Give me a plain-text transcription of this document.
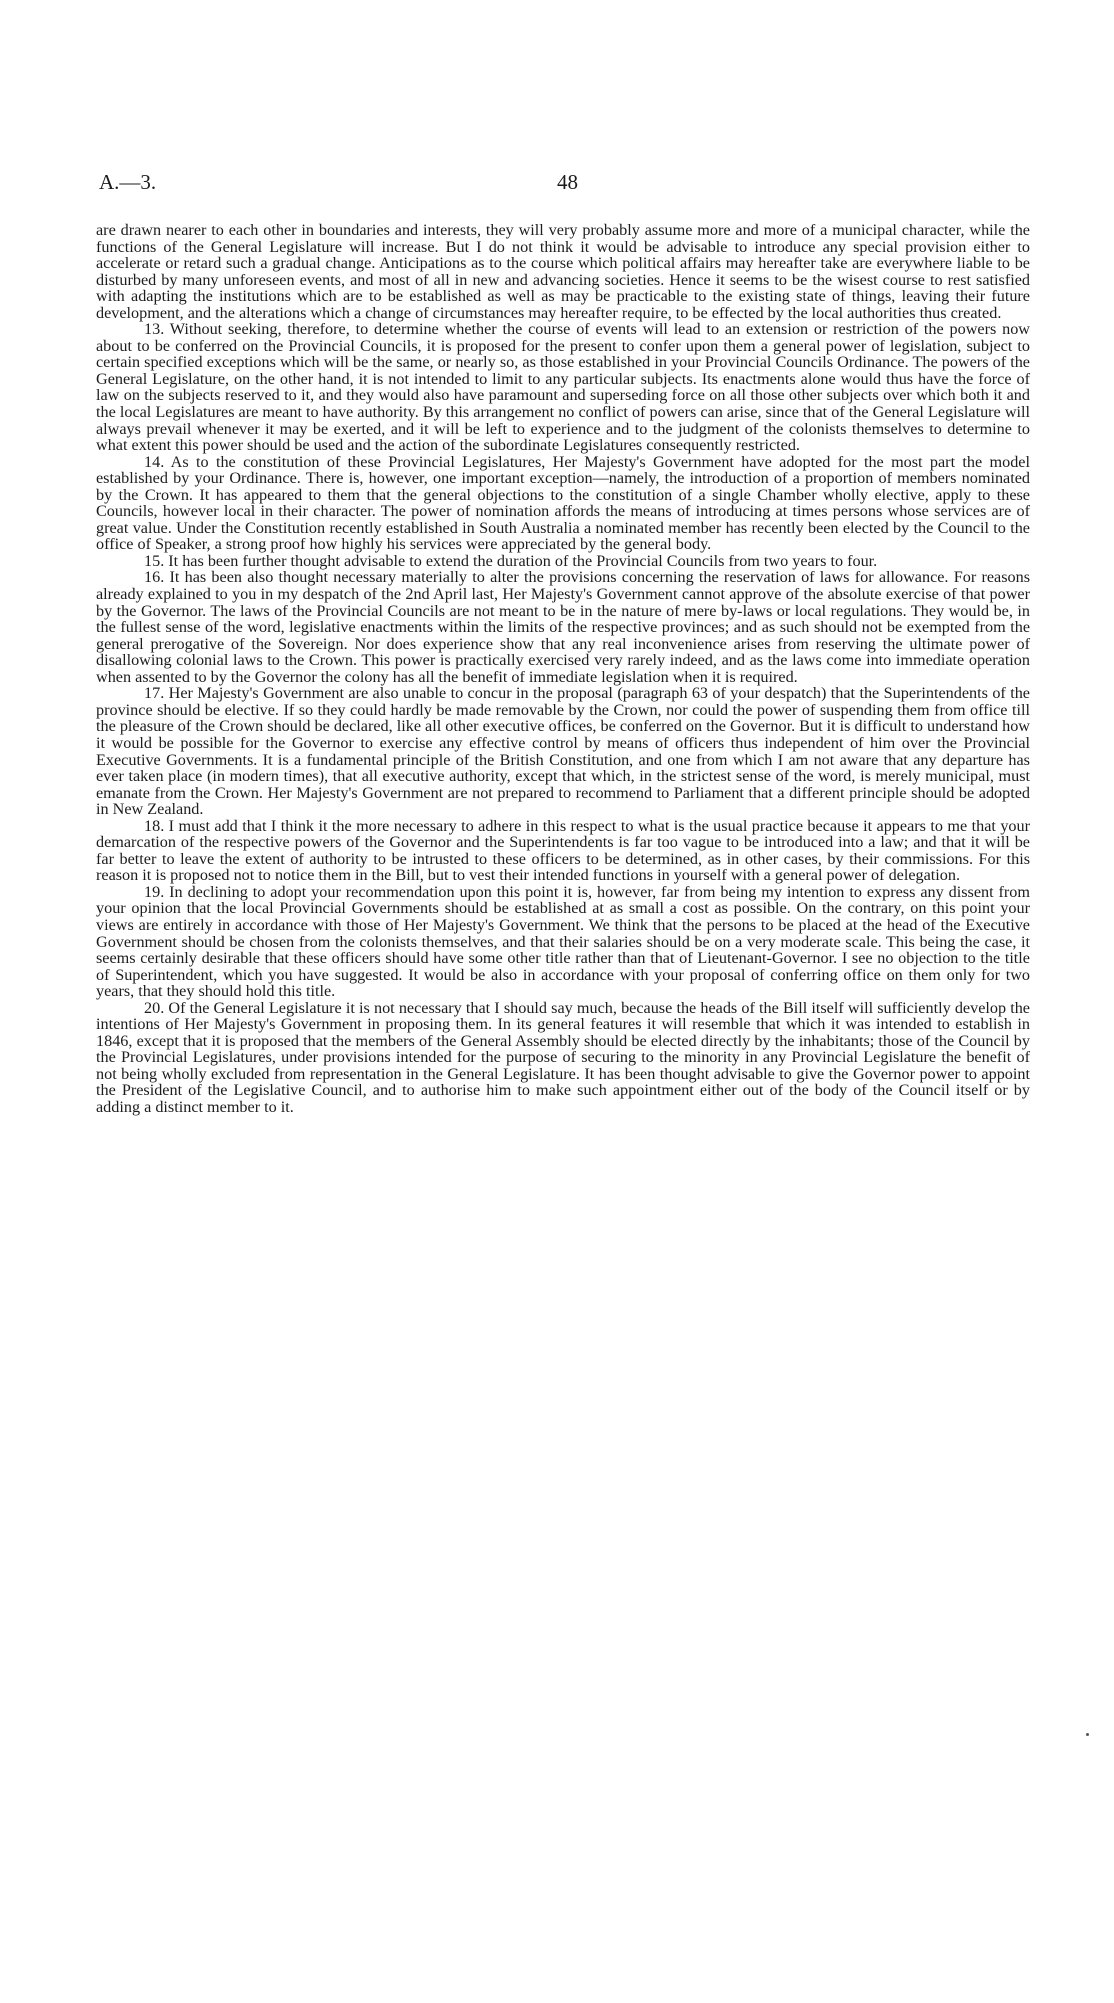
A.—3.	48

are drawn nearer to each other in boundaries and interests, they will very probably assume more and more of a municipal character, while the functions of the General Legislature will increase. But I do not think it would be advisable to introduce any special provision either to accelerate or retard such a gradual change. Anticipations as to the course which political affairs may hereafter take are everywhere liable to be disturbed by many unforeseen events, and most of all in new and advancing societies. Hence it seems to be the wisest course to rest satisfied with adapting the institutions which are to be established as well as may be practicable to the existing state of things, leaving their future development, and the alterations which a change of circumstances may hereafter require, to be effected by the local authorities thus created.

13. Without seeking, therefore, to determine whether the course of events will lead to an extension or restriction of the powers now about to be conferred on the Provincial Councils, it is proposed for the present to confer upon them a general power of legislation, subject to certain specified exceptions which will be the same, or nearly so, as those established in your Provincial Councils Ordinance. The powers of the General Legislature, on the other hand, it is not intended to limit to any particular subjects. Its enactments alone would thus have the force of law on the subjects reserved to it, and they would also have paramount and superseding force on all those other subjects over which both it and the local Legislatures are meant to have authority. By this arrangement no conflict of powers can arise, since that of the General Legislature will always prevail whenever it may be exerted, and it will be left to experience and to the judgment of the colonists themselves to determine to what extent this power should be used and the action of the subordinate Legislatures consequently restricted.

14. As to the constitution of these Provincial Legislatures, Her Majesty's Government have adopted for the most part the model established by your Ordinance. There is, however, one important exception—namely, the introduction of a proportion of members nominated by the Crown. It has appeared to them that the general objections to the constitution of a single Chamber wholly elective, apply to these Councils, however local in their character. The power of nomination affords the means of introducing at times persons whose services are of great value. Under the Constitution recently established in South Australia a nominated member has recently been elected by the Council to the office of Speaker, a strong proof how highly his services were appreciated by the general body.

15. It has been further thought advisable to extend the duration of the Provincial Councils from two years to four.

16. It has been also thought necessary materially to alter the provisions concerning the reservation of laws for allowance. For reasons already explained to you in my despatch of the 2nd April last, Her Majesty's Government cannot approve of the absolute exercise of that power by the Governor. The laws of the Provincial Councils are not meant to be in the nature of mere by-laws or local regulations. They would be, in the fullest sense of the word, legislative enactments within the limits of the respective provinces; and as such should not be exempted from the general prerogative of the Sovereign. Nor does experience show that any real inconvenience arises from reserving the ultimate power of disallowing colonial laws to the Crown. This power is practically exercised very rarely indeed, and as the laws come into immediate operation when assented to by the Governor the colony has all the benefit of immediate legislation when it is required.

17. Her Majesty's Government are also unable to concur in the proposal (paragraph 63 of your despatch) that the Superintendents of the province should be elective. If so they could hardly be made removable by the Crown, nor could the power of suspending them from office till the pleasure of the Crown should be declared, like all other executive offices, be conferred on the Governor. But it is difficult to understand how it would be possible for the Governor to exercise any effective control by means of officers thus independent of him over the Provincial Executive Governments. It is a fundamental principle of the British Constitution, and one from which I am not aware that any departure has ever taken place (in modern times), that all executive authority, except that which, in the strictest sense of the word, is merely municipal, must emanate from the Crown. Her Majesty's Government are not prepared to recommend to Parliament that a different principle should be adopted in New Zealand.

18. I must add that I think it the more necessary to adhere in this respect to what is the usual practice because it appears to me that your demarcation of the respective powers of the Governor and the Superintendents is far too vague to be introduced into a law; and that it will be far better to leave the extent of authority to be intrusted to these officers to be determined, as in other cases, by their commissions. For this reason it is proposed not to notice them in the Bill, but to vest their intended functions in yourself with a general power of delegation.

19. In declining to adopt your recommendation upon this point it is, however, far from being my intention to express any dissent from your opinion that the local Provincial Governments should be established at as small a cost as possible. On the contrary, on this point your views are entirely in accordance with those of Her Majesty's Government. We think that the persons to be placed at the head of the Executive Government should be chosen from the colonists themselves, and that their salaries should be on a very moderate scale. This being the case, it seems certainly desirable that these officers should have some other title rather than that of Lieutenant-Governor. I see no objection to the title of Superintendent, which you have suggested. It would be also in accordance with your proposal of conferring office on them only for two years, that they should hold this title.

20. Of the General Legislature it is not necessary that I should say much, because the heads of the Bill itself will sufficiently develop the intentions of Her Majesty's Government in proposing them. In its general features it will resemble that which it was intended to establish in 1846, except that it is proposed that the members of the General Assembly should be elected directly by the inhabitants; those of the Council by the Provincial Legislatures, under provisions intended for the purpose of securing to the minority in any Provincial Legislature the benefit of not being wholly excluded from representation in the General Legislature. It has been thought advisable to give the Governor power to appoint the President of the Legislative Council, and to authorise him to make such appointment either out of the body of the Council itself or by adding a distinct member to it.
